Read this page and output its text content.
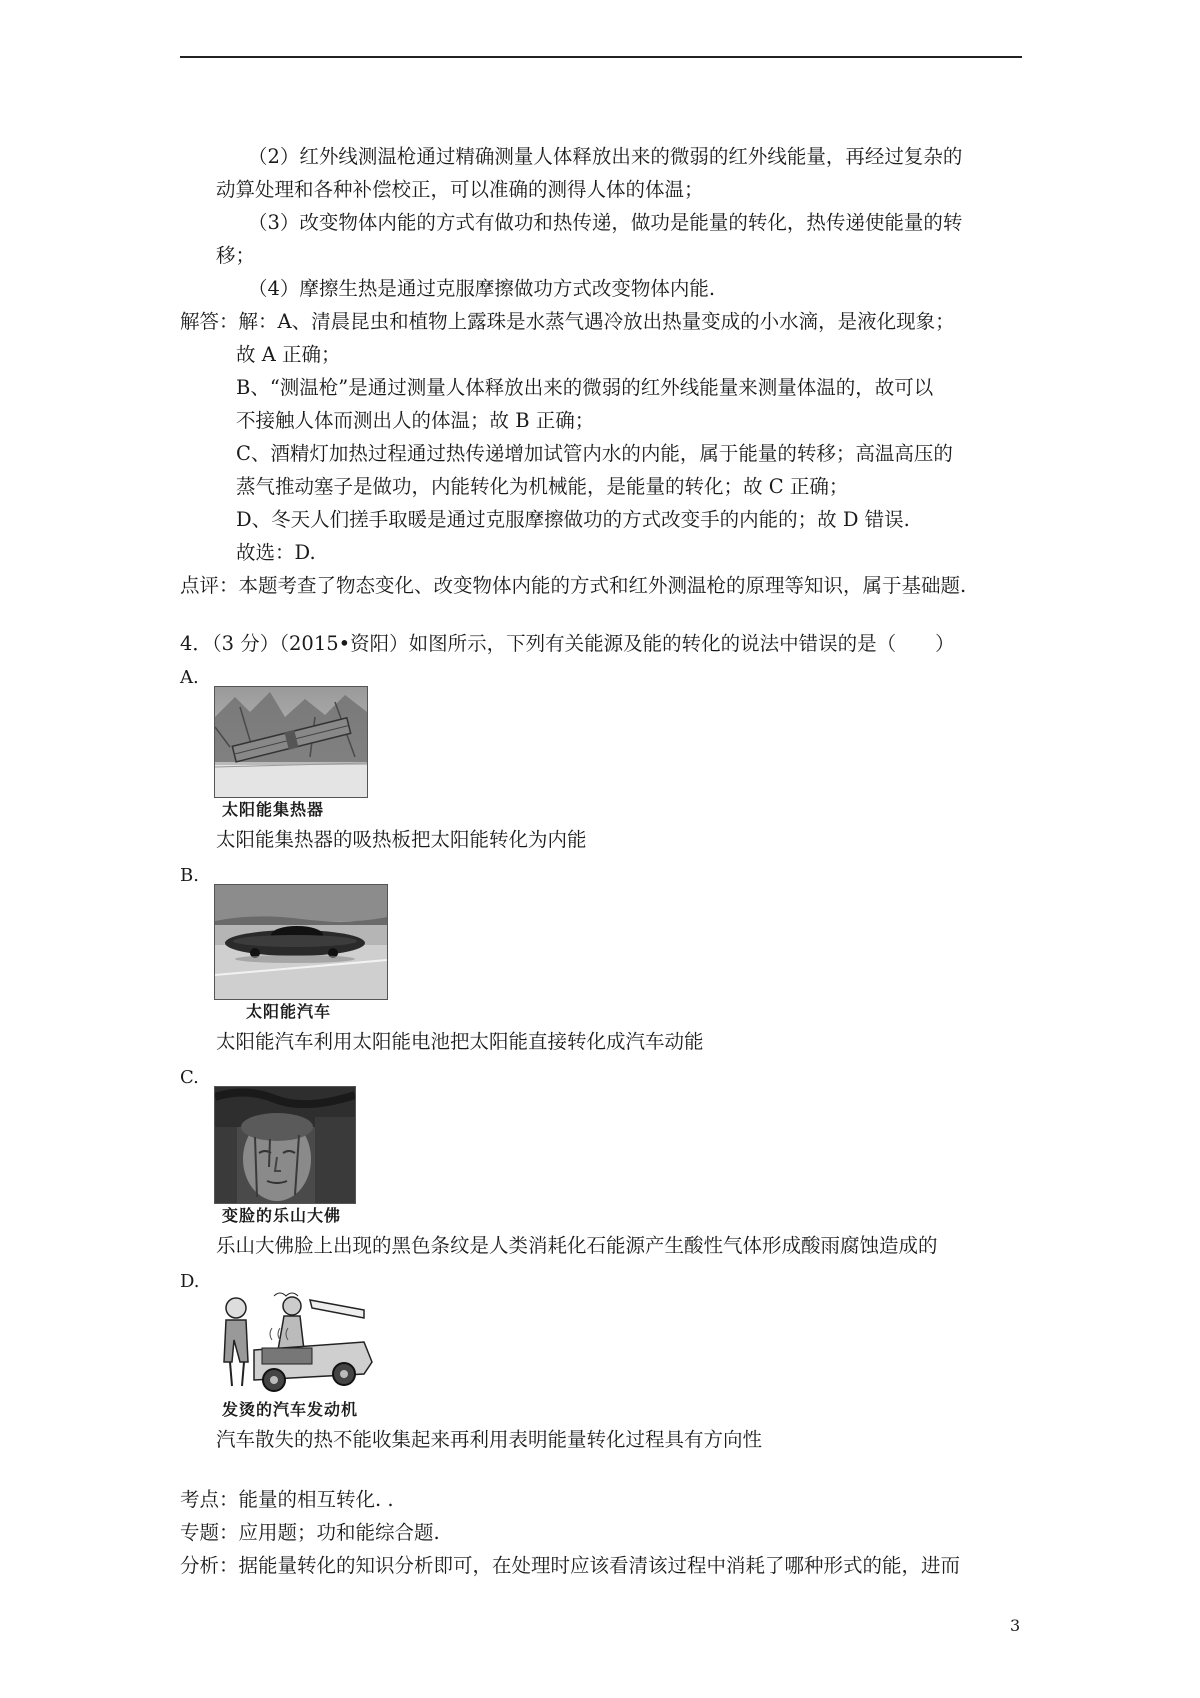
（2）红外线测温枪通过精确测量人体释放出来的微弱的红外线能量，再经过复杂的
动算处理和各种补偿校正，可以准确的测得人体的体温；
（3）改变物体内能的方式有做功和热传递，做功是能量的转化，热传递使能量的转
移；
（4）摩擦生热是通过克服摩擦做功方式改变物体内能.
解答：解：A、清晨昆虫和植物上露珠是水蒸气遇冷放出热量变成的小水滴，是液化现象；
故 A 正确；
B、“测温枪”是通过测量人体释放出来的微弱的红外线能量来测量体温的，故可以
不接触人体而测出人的体温；故 B 正确；
C、酒精灯加热过程通过热传递增加试管内水的内能，属于能量的转移；高温高压的
蒸气推动塞子是做功，内能转化为机械能，是能量的转化；故 C 正确；
D、冬天人们搓手取暖是通过克服摩擦做功的方式改变手的内能的；故 D 错误.
故选：D.
点评：本题考查了物态变化、改变物体内能的方式和红外测温枪的原理等知识，属于基础题.
4．（3 分）（2015•资阳）如图所示，下列有关能源及能的转化的说法中错误的是（　　）
A.
太阳能集热器
太阳能集热器的吸热板把太阳能转化为内能
B.
太阳能汽车
太阳能汽车利用太阳能电池把太阳能直接转化成汽车动能
C.
变脸的乐山大佛
乐山大佛脸上出现的黑色条纹是人类消耗化石能源产生酸性气体形成酸雨腐蚀造成的
D.
发烫的汽车发动机
汽车散失的热不能收集起来再利用表明能量转化过程具有方向性
考点：能量的相互转化. .
专题：应用题；功和能综合题.
分析：据能量转化的知识分析即可，在处理时应该看清该过程中消耗了哪种形式的能，进而
3
